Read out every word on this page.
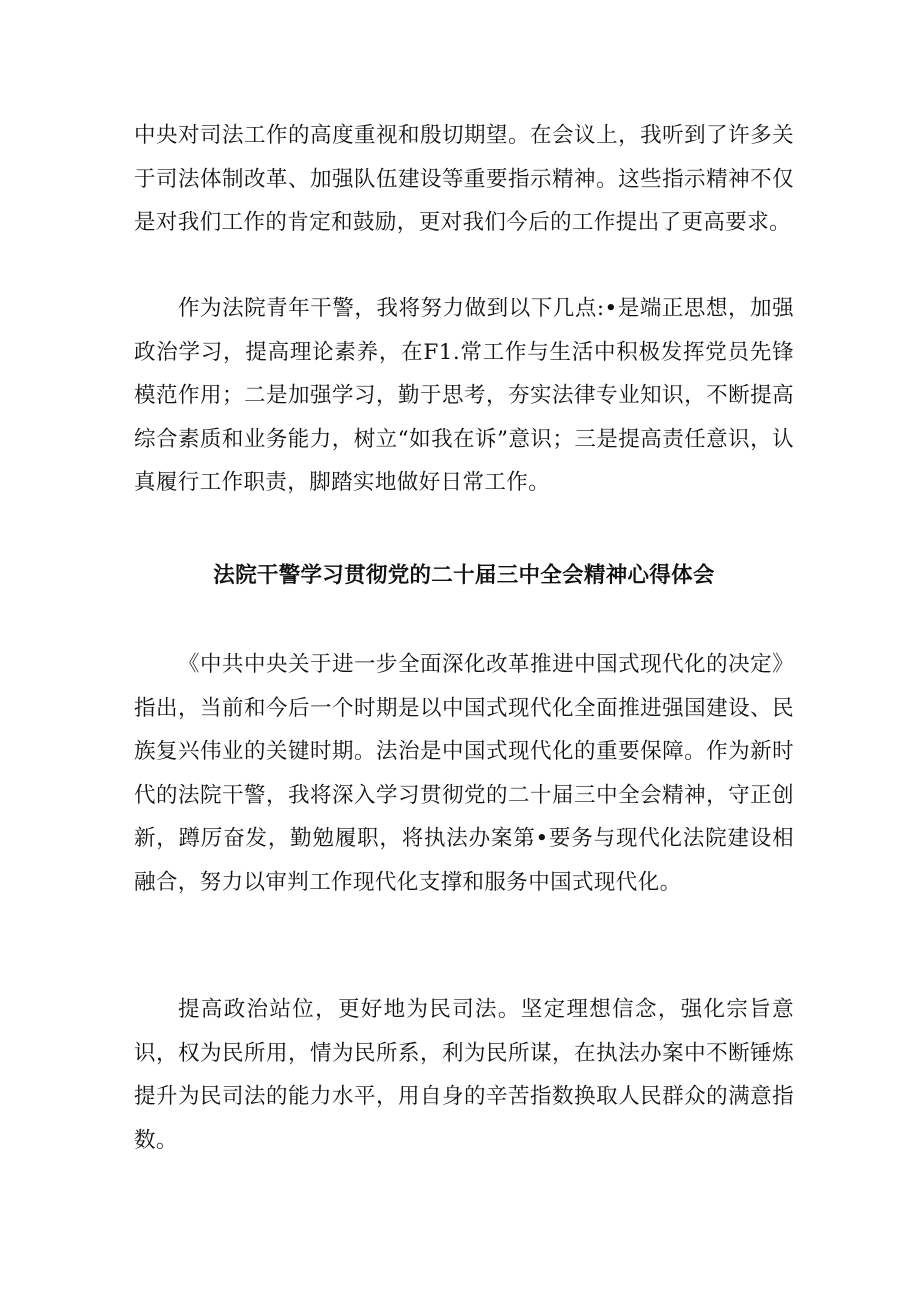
中央对司法工作的高度重视和殷切期望。在会议上，我听到了许多关于司法体制改革、加强队伍建设等重要指示精神。这些指示精神不仅是对我们工作的肯定和鼓励，更对我们今后的工作提出了更高要求。

作为法院青年干警，我将努力做到以下几点:•是端正思想，加强政治学习，提高理论素养，在F1.常工作与生活中积极发挥党员先锋模范作用；二是加强学习，勤于思考，夯实法律专业知识，不断提高综合素质和业务能力，树立“如我在诉”意识；三是提高责任意识，认真履行工作职责，脚踏实地做好日常工作。

法院干警学习贯彻党的二十届三中全会精神心得体会

《中共中央关于进一步全面深化改革推进中国式现代化的决定》指出，当前和今后一个时期是以中国式现代化全面推进强国建设、民族复兴伟业的关键时期。法治是中国式现代化的重要保障。作为新时代的法院干警，我将深入学习贯彻党的二十届三中全会精神，守正创新，蹲厉奋发，勤勉履职，将执法办案第•要务与现代化法院建设相融合，努力以审判工作现代化支撑和服务中国式现代化。

提高政治站位，更好地为民司法。坚定理想信念，强化宗旨意识，权为民所用，情为民所系，利为民所谋，在执法办案中不断锤炼提升为民司法的能力水平，用自身的辛苦指数换取人民群众的满意指数。
